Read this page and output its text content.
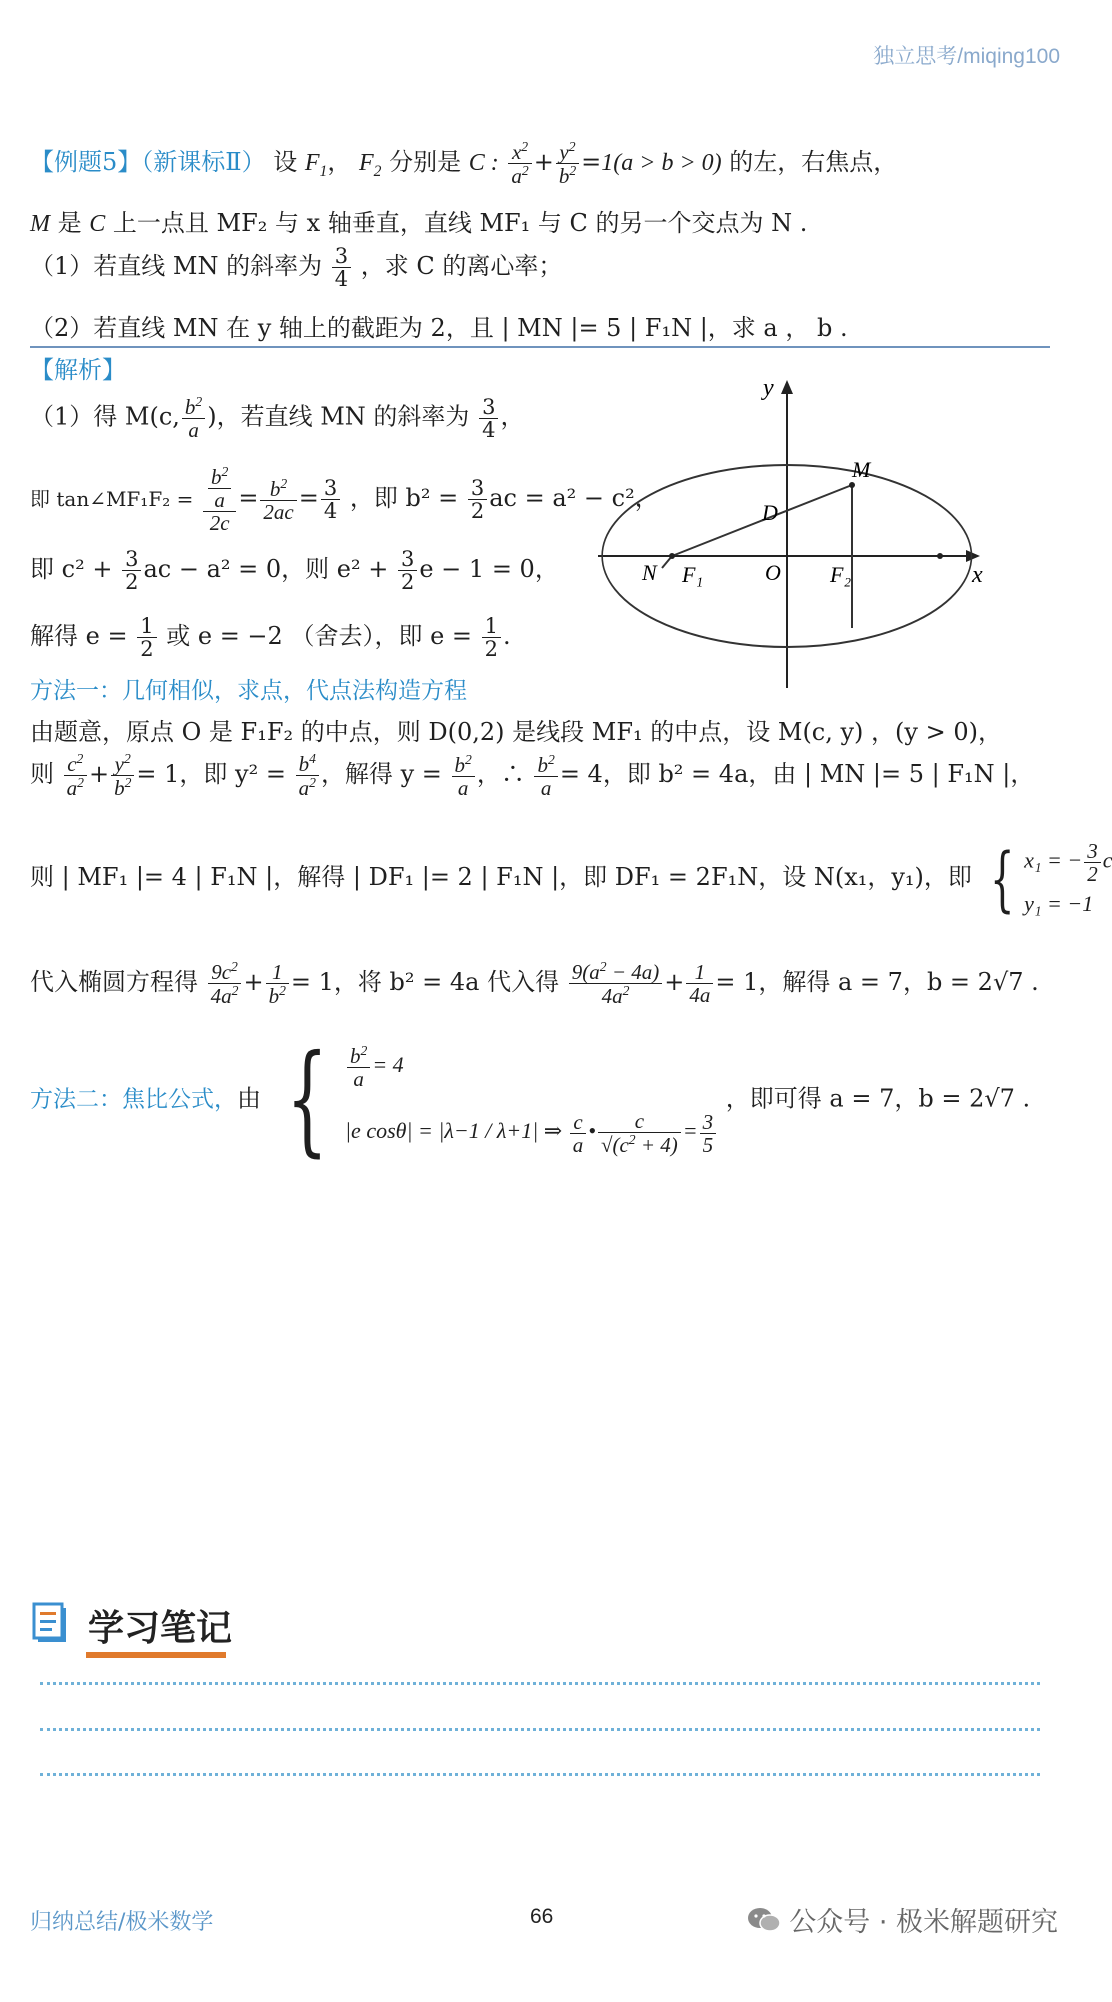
独立思考/miqing100
【例题5】（新课标Ⅱ） 设 $F_1$， $F_2$ 分别是 C : $\frac{x^2}{a^2} + \frac{y^2}{b^2} =1(a > b > 0)$ 的左，右焦点，
M 是 C 上一点且 MF₂ 与 x 轴垂直，直线 MF₁ 与 C 的另一个交点为 N .
（1）若直线 MN 的斜率为 $\frac{3}{4}$ ，求 C 的离心率；
（2）若直线 MN 在 y 轴上的截距为 2，且 | MN |= 5 | F₁N |，求 a ， b .
【解析】
（1）得 M(c, $\frac{b^2}{a}$ )，若直线 MN 的斜率为 $\frac{3}{4}$ ，
即 tan∠MF₁F₂ = $\frac{\frac{b^2}{a}}{2c} = \frac{b^2}{2ac} = \frac{3}{4}$ ，即 $b^2 = \frac{3}{2}$ ac = a² − c²，
即 $c^2 + \frac{3}{2}$ ac − a² = 0，则 $e^2 + \frac{3}{2}$ e − 1 = 0，
解得 $e = \frac{1}{2}$ 或 e = −2 （舍去），即 $e = \frac{1}{2}$ .
x
y
M
N
D
O
F₁	F₂
方法一：几何相似，求点，代点法构造方程
由题意，原点 O 是 F₁F₂ 的中点，则 D(0,2) 是线段 MF₁ 的中点，设 M(c, y) ，(y > 0)，
则 $\frac{c^2}{a^2} + \frac{y^2}{b^2} = 1$，即 $y^2 = \frac{b^4}{a^2}$ ，解得 $y = \frac{b^2}{a}$ ，∴ $\frac{b^2}{a} = 4$，即 b² = 4a，由 | MN |= 5 | F₁N |，
则 | MF₁ |= 4 | F₁N |，解得 | DF₁ |= 2 | F₁N |，即 DF₁ = 2F₁N，设 N(x₁，y₁)，即 { x₁ = − $\frac{3}{2}$ c
y₁ = −1
代入椭圆方程得 $\frac{9c^2}{4a^2} + \frac{1}{b^2} = 1$，将 b² = 4a 代入得 $\frac{9(a^2 - 4a)}{4a^2} + \frac{1}{4a} = 1$，解得 a = 7，b = 2√7 .
方法二：焦比公式，由 { $\frac{b^2}{a} = 4$
|e cosθ| = |λ−1 / λ+1| ⇒ $\frac{c}{a}$ • $\frac{c}{√(c^2 + 4)} = \frac{3}{5}$
，即可得 a = 7，b = 2√7 .
学习笔记
归纳总结/极米数学	66	公众号 · 极米解题研究
